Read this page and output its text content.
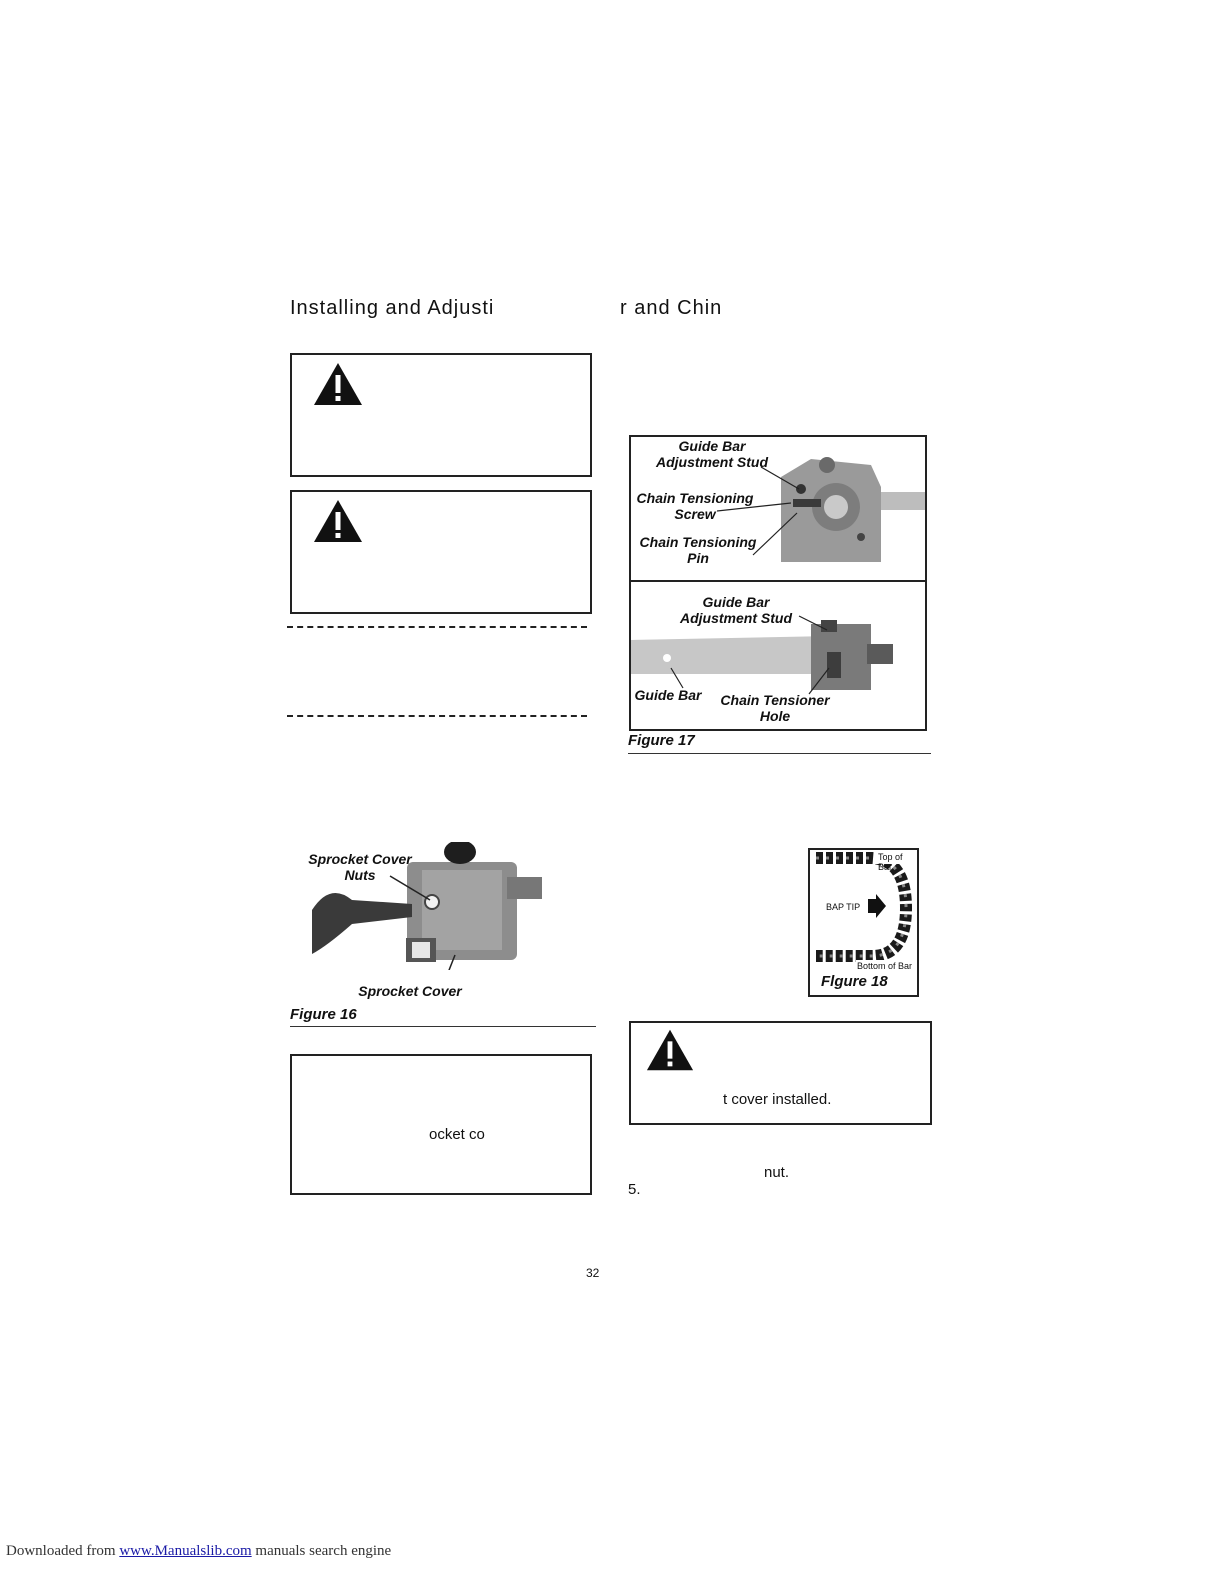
Installing and Adjusti	r and Chin
Sprocket Cover
Nuts
Sprocket Cover
Figure 16
ocket co
Guide Bar
Adjustment Stud
Chain Tensioning
Screw
Chain Tensioning
Pin
Guide Bar
Adjustment Stud
Guide Bar	Chain Tensioner
Hole
Figure 17
Top of Bar
BAP TIP
Bottom of Bar
Flgure 18
t cover installed.
nut.
5.
32
Downloaded from www.Manualslib.com manuals search engine
